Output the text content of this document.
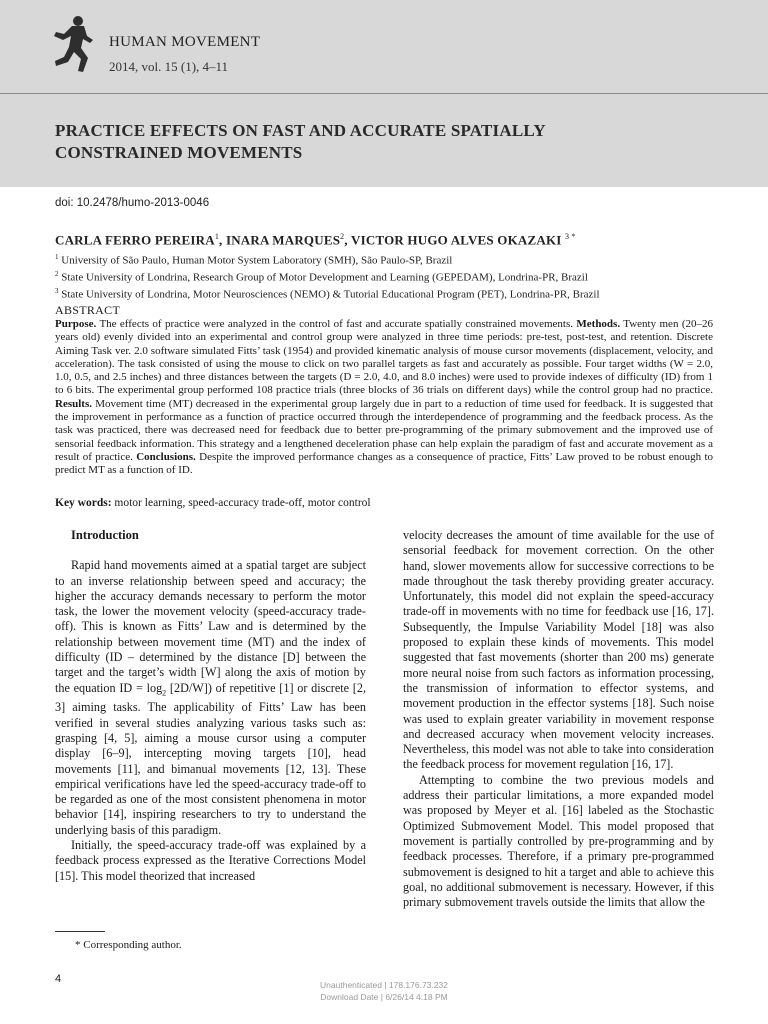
HUMAN MOVEMENT
2014, vol. 15 (1), 4–11
PRACTICE EFFECTS ON FAST AND ACCURATE SPATIALLY
CONSTRAINED MOVEMENTS
doi: 10.2478/humo-2013-0046
CARLA FERRO PEREIRA$^1$, INARA MARQUES$^2$, VICTOR HUGO ALVES OKAZAKI $^{3 *}$
$^1$ University of São Paulo, Human Motor System Laboratory (SMH), São Paulo-SP, Brazil
$^2$ State University of Londrina, Research Group of Motor Development and Learning (GEPEDAM), Londrina-PR, Brazil
$^3$ State University of Londrina, Motor Neurosciences (NEMO) & Tutorial Educational Program (PET), Londrina-PR, Brazil
ABSTRACT
Purpose. The effects of practice were analyzed in the control of fast and accurate spatially constrained movements. Methods. Twenty men (20–26 years old) evenly divided into an experimental and control group were analyzed in three time periods: pre-test, post-test, and retention. Discrete Aiming Task ver. 2.0 software simulated Fitts’ task (1954) and provided kinematic analysis of mouse cursor movements (displacement, velocity, and acceleration). The task consisted of using the mouse to click on two parallel targets as fast and accurately as possible. Four target widths (W = 2.0, 1.0, 0.5, and 2.5 inches) and three distances between the targets (D = 2.0, 4.0, and 8.0 inches) were used to provide indexes of difficulty (ID) from 1 to 6 bits. The experimental group performed 108 practice trials (three blocks of 36 trials on different days) while the control group had no practice. Results. Movement time (MT) decreased in the experimental group largely due in part to a reduction of time used for feedback. It is suggested that the improvement in performance as a function of practice occurred through the interdependence of programming and the feedback process. As the task was practiced, there was decreased need for feedback due to better pre-programming of the primary submovement and the improved use of sensorial feedback information. This strategy and a lengthened deceleration phase can help explain the paradigm of fast and accurate movement as a result of practice. Conclusions. Despite the improved performance changes as a consequence of practice, Fitts’ Law proved to be robust enough to predict MT as a function of ID.
Key words: motor learning, speed-accuracy trade-off, motor control
Introduction

Rapid hand movements aimed at a spatial target are subject to an inverse relationship between speed and accuracy; the higher the accuracy demands necessary to perform the motor task, the lower the movement velocity (speed-accuracy trade-off). This is known as Fitts’ Law and is determined by the relationship between movement time (MT) and the index of difficulty (ID – determined by the distance [D] between the target and the target’s width [W] along the axis of motion by the equation ID = $\log_2 [2D/W]$) of repetitive [1] or discrete [2, 3] aiming tasks. The applicability of Fitts’ Law has been verified in several studies analyzing various tasks such as: grasping [4, 5], aiming a mouse cursor using a computer display [6–9], intercepting moving targets [10], head movements [11], and bimanual movements [12, 13]. These empirical verifications have led the speed-accuracy trade-off to be regarded as one of the most consistent phenomena in motor behavior [14], inspiring researchers to try to understand the underlying basis of this paradigm.

Initially, the speed-accuracy trade-off was explained by a feedback process expressed as the Iterative Corrections Model [15]. This model theorized that increased

velocity decreases the amount of time available for the use of sensorial feedback for movement correction. On the other hand, slower movements allow for successive corrections to be made throughout the task thereby providing greater accuracy. Unfortunately, this model did not explain the speed-accuracy trade-off in movements with no time for feedback use [16, 17]. Subsequently, the Impulse Variability Model [18] was also proposed to explain these kinds of movements. This model suggested that fast movements (shorter than 200 ms) generate more neural noise from such factors as information processing, the transmission of information to effector systems, and movement production in the effector systems [18]. Such noise was used to explain greater variability in movement response and decreased accuracy when movement velocity increases. Nevertheless, this model was not able to take into consideration the feedback process for movement regulation [16, 17].

Attempting to combine the two previous models and address their particular limitations, a more expanded model was proposed by Meyer et al. [16] labeled as the Stochastic Optimized Submovement Model. This model proposed that movement is partially controlled by pre-programming and by feedback processes. Therefore, if a primary pre-programmed submovement is designed to hit a target and able to achieve this goal, no additional submovement is necessary. However, if this primary submovement travels outside the limits that allow the

* Corresponding author.
4	Unauthenticated | 178.176.73.232
Download Date | 6/26/14 4:18 PM
